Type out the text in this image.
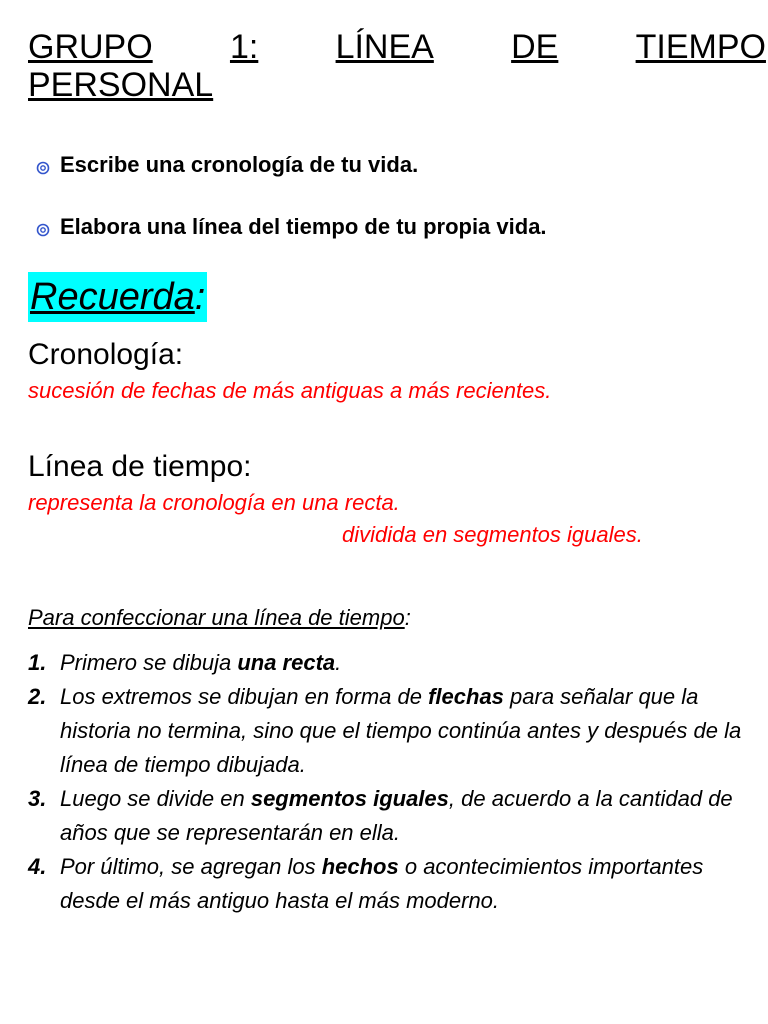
GRUPO 1: LÍNEA DE TIEMPO
PERSONAL
Escribe una cronología de tu vida.
Elabora una línea del tiempo de tu propia vida.
Recuerda:
Cronología:
sucesión de fechas de más antiguas a más recientes.
Línea de tiempo:
representa la cronología en una recta.
dividida en segmentos iguales.
Para confeccionar una línea de tiempo:
1. Primero se dibuja una recta.
2. Los extremos se dibujan en forma de flechas para señalar que la historia no termina, sino que el tiempo continúa antes y después de la línea de tiempo dibujada.
3. Luego se divide en segmentos iguales, de acuerdo a la cantidad de años que se representarán en ella.
4. Por último, se agregan los hechos o acontecimientos importantes desde el más antiguo hasta el más moderno.
